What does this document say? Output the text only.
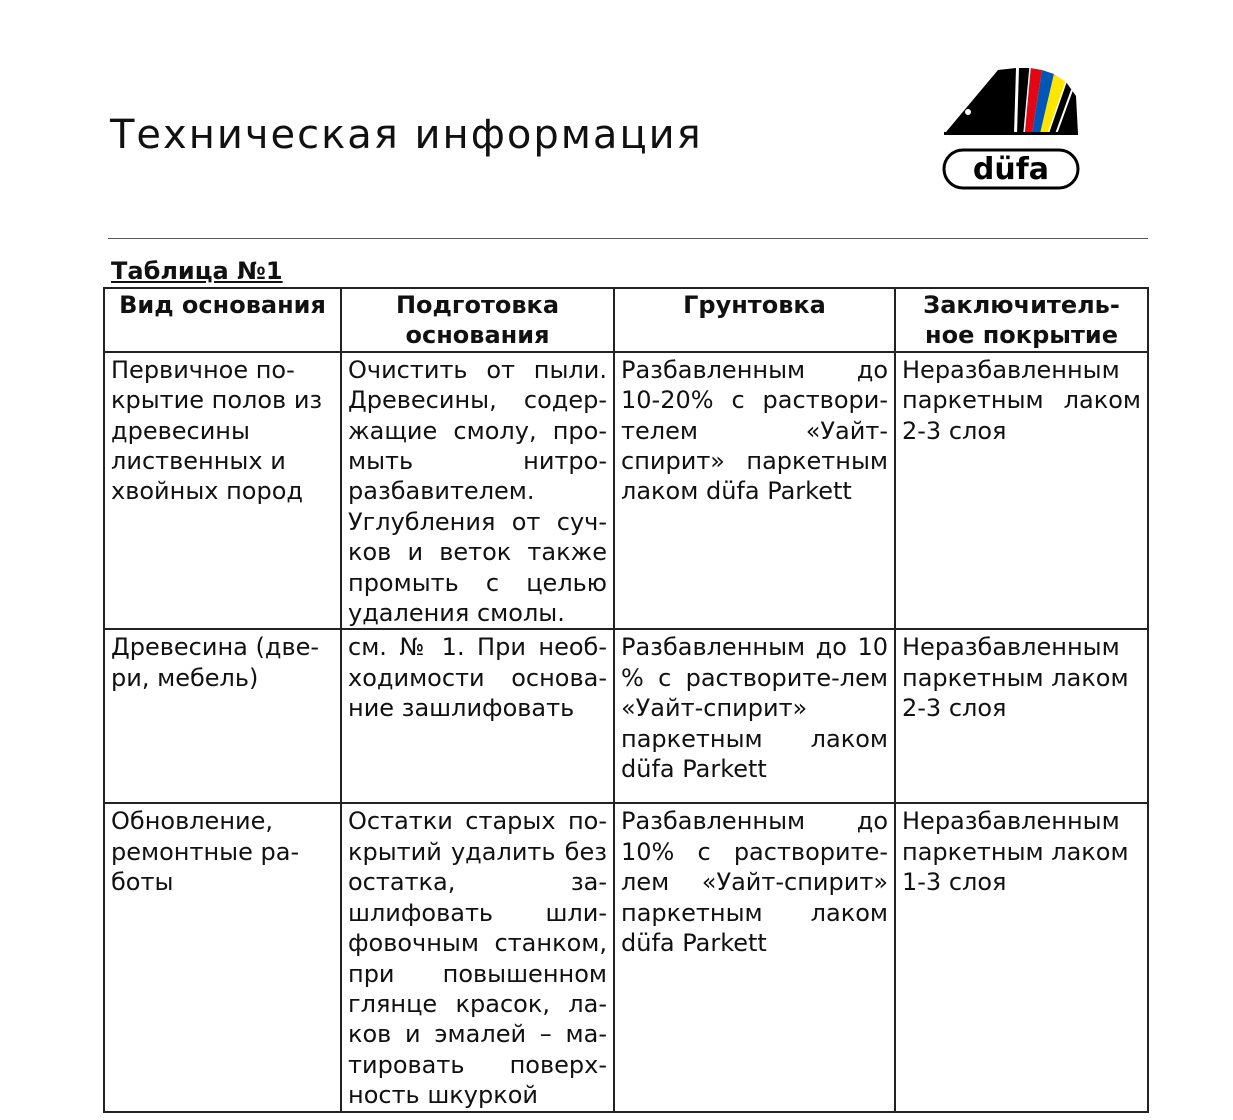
Техническая информация
düfa
Таблица №1
Вид основания	Подготовка основания	Грунтовка	Заключитель-ное покрытие
Первичное по-крытие полов из древесины лиственных и хвойных пород	Очистить от пыли. Древесины, содер-жащие смолу, про-мыть нитро-разбавителем. Углубления от суч-ков и веток также промыть с целью удаления смолы.	Разбавленным до 10-20% с раствори-телем «Уайт-спирит» паркетным лаком düfa Parkett	Неразбавленным паркетным лаком 2-3 слоя
Древесина (две-ри, мебель)	см. № 1. При необ-ходимости основа-ние зашлифовать	Разбавленным до 10 % с растворите-лем «Уайт-спирит» паркетным лаком düfa Parkett	Неразбавленным паркетным лаком 2-3 слоя
Обновление, ремонтные ра-боты	Остатки старых по-крытий удалить без остатка, за-шлифовать шли-фовочным станком, при повышенном глянце красок, ла-ков и эмалей – ма-тировать поверх-ность шкуркой	Разбавленным до 10% с растворите-лем «Уайт-спирит» паркетным лаком düfa Parkett	Неразбавленным паркетным лаком 1-3 слоя
